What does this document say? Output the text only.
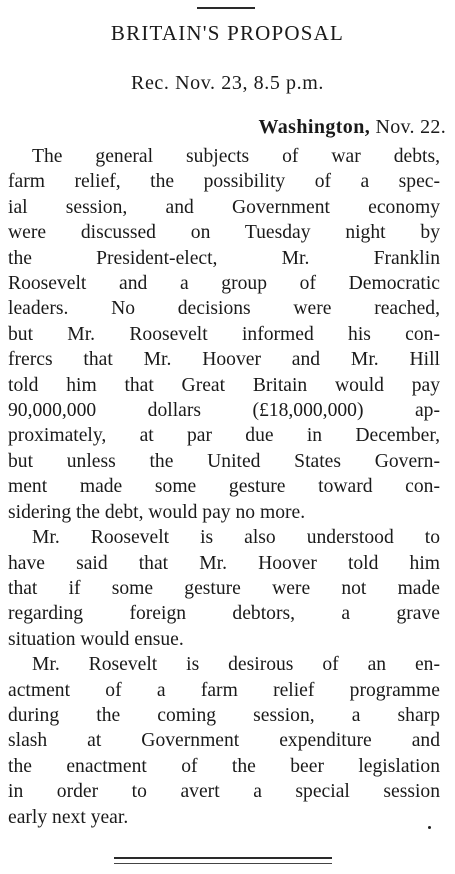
BRITAIN'S PROPOSAL
Rec. Nov. 23, 8.5 p.m.
Washington, Nov. 22.
The general subjects of war debts,
farm relief, the possibility of a spec-
ial session, and Government economy
were discussed on Tuesday night by
the President-elect, Mr. Franklin
Roosevelt and a group of Democratic
leaders. No decisions were reached,
but Mr. Roosevelt informed his con-
frercs that Mr. Hoover and Mr. Hill
told him that Great Britain would pay
90,000,000 dollars (£18,000,000) ap-
proximately, at par due in December,
but unless the United States Govern-
ment made some gesture toward con-
sidering the debt, would pay no more.
Mr. Roosevelt is also understood to
have said that Mr. Hoover told him
that if some gesture were not made
regarding foreign debtors, a grave
situation would ensue.
Mr. Rosevelt is desirous of an en-
actment of a farm relief programme
during the coming session, a sharp
slash at Government expenditure and
the enactment of the beer legislation
in order to avert a special session
early next year.
